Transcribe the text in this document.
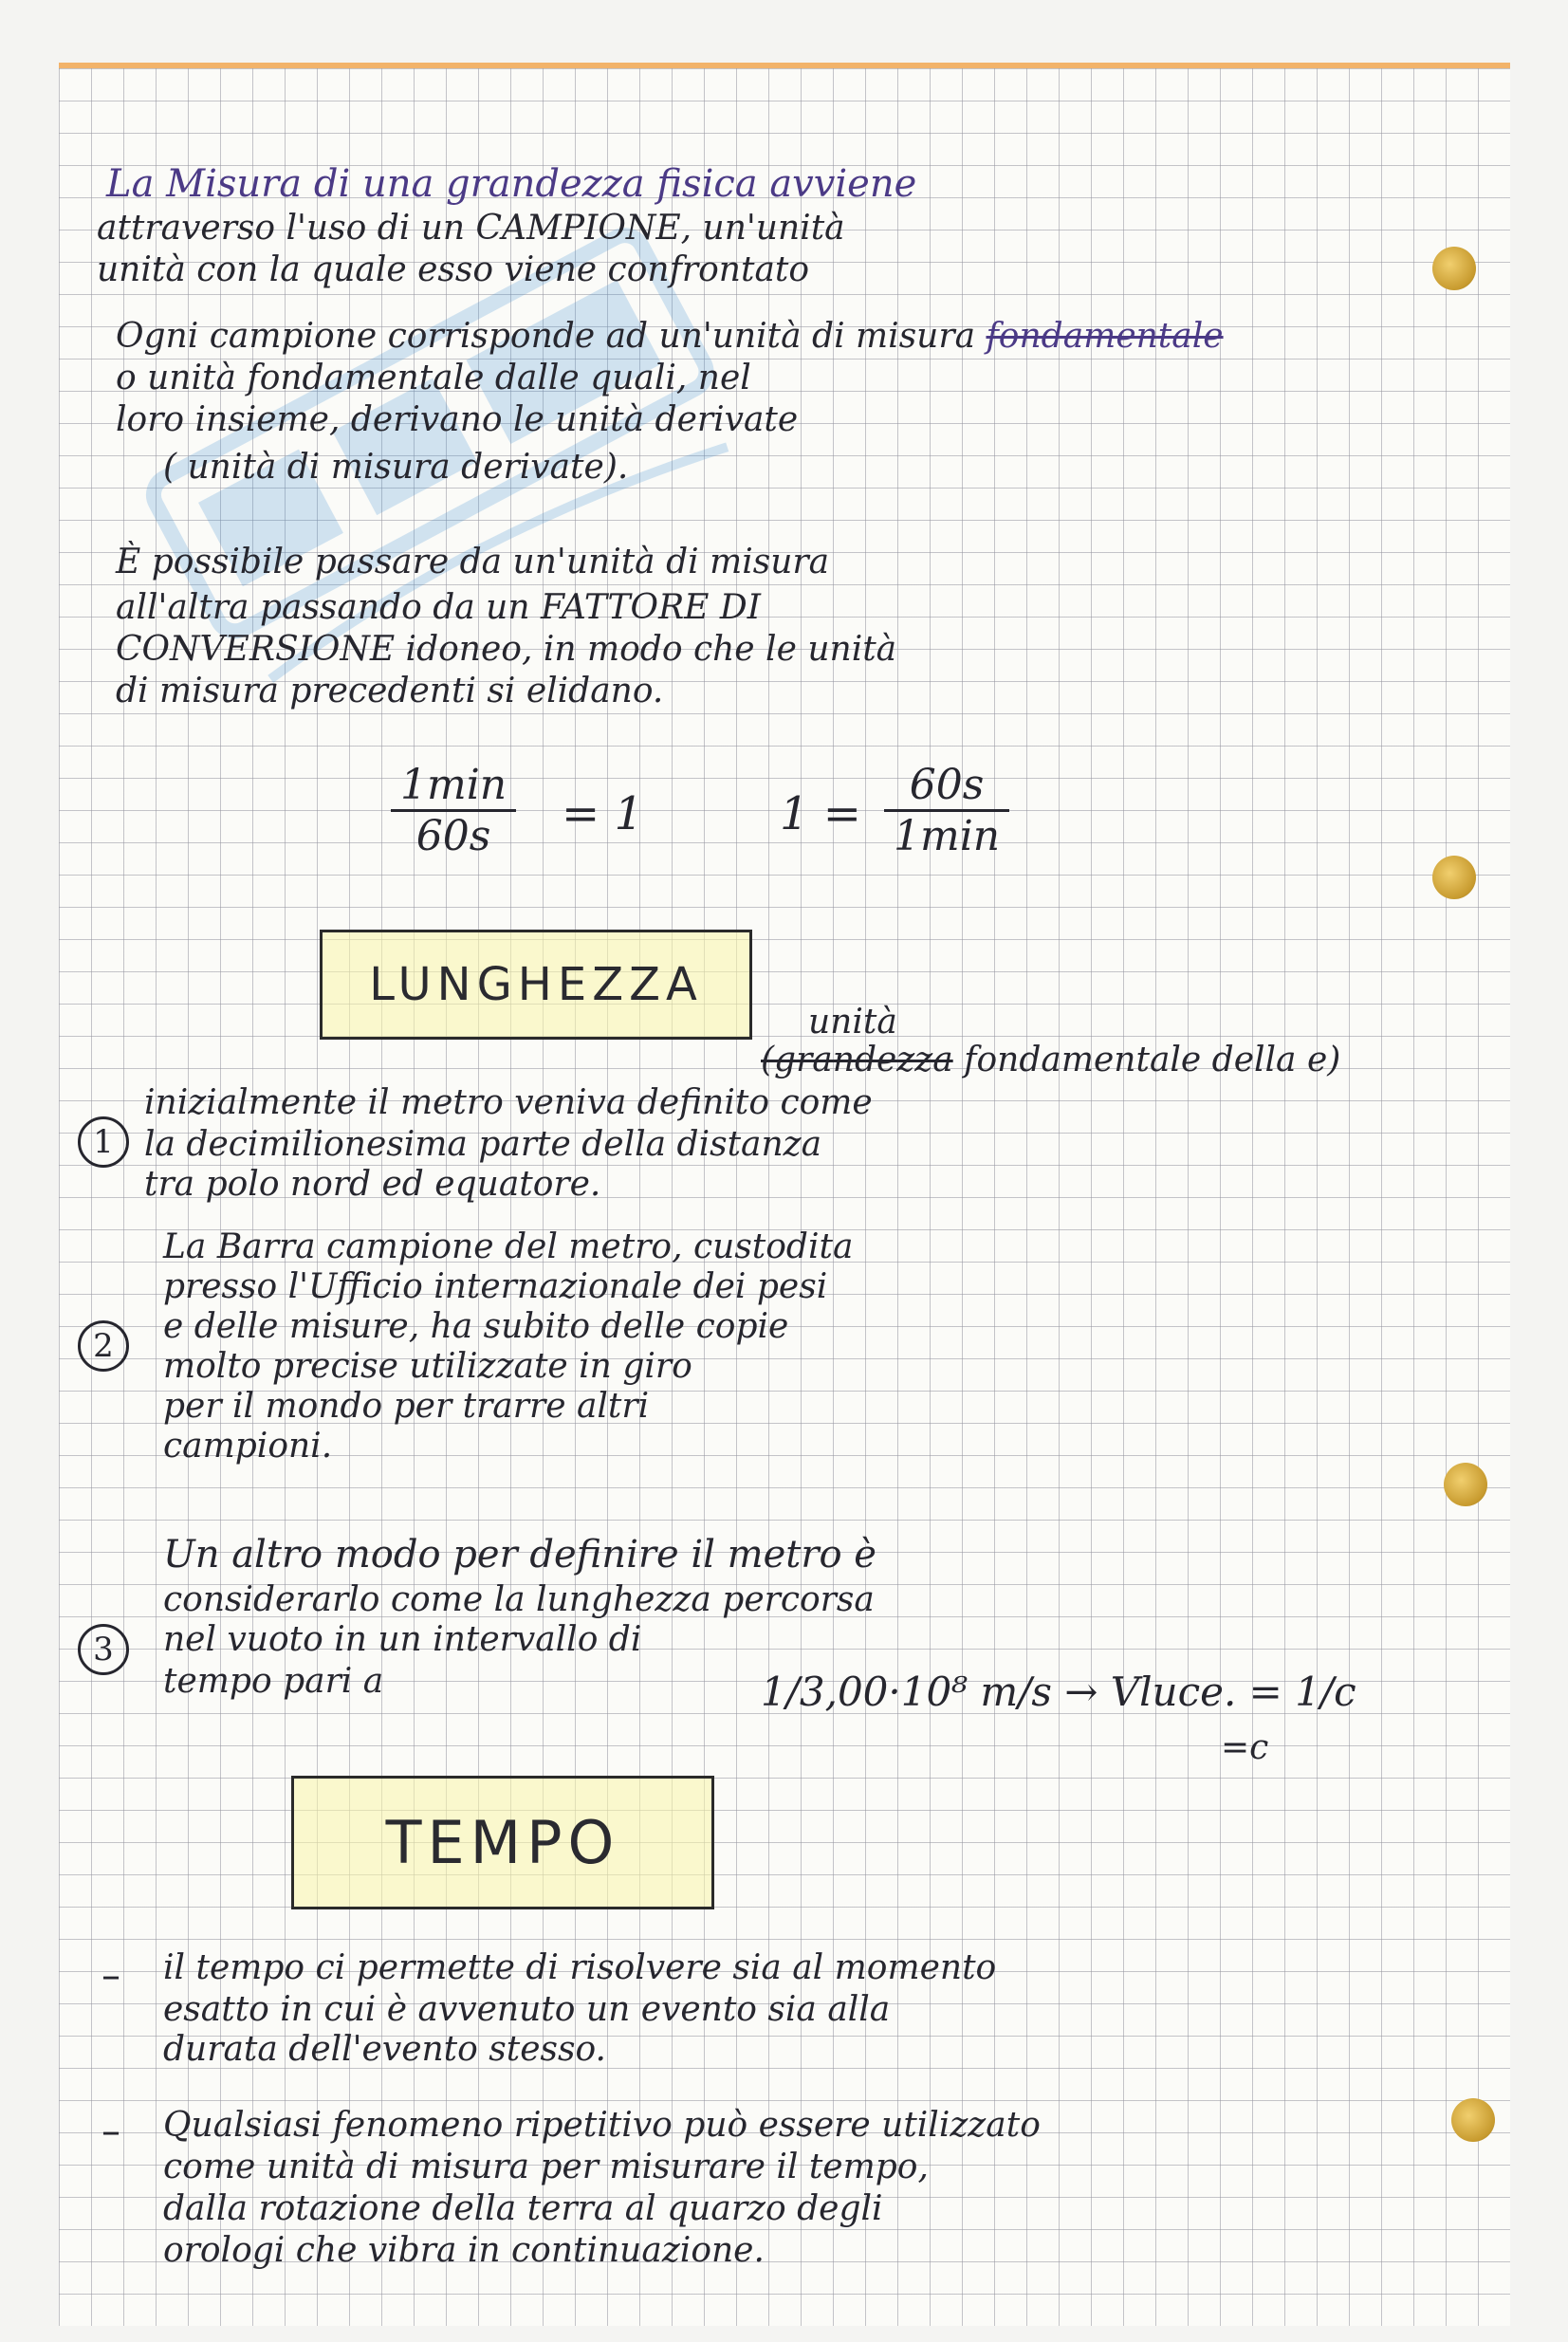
La Misura di una grandezza fisica avviene

attraverso l'uso di un CAMPIONE, un'unità

unità con la quale esso viene confrontato

Ogni campione corrisponde ad un'unità di misura fondamentale

o unità fondamentale dalle quali, nel

loro insieme, derivano le unità derivate

( unità di misura derivate).

È possibile passare da un'unità di misura

all'altra passando da un FATTORE DI

CONVERSIONE idoneo, in modo che le unità

di misura precedenti si elidano.

1min
60s	= 1	1 =
60s
1min
LUNGHEZZA

unità

(grandezza fondamentale della e)

1

inizialmente il metro veniva definito come

la decimilionesima parte della distanza

tra polo nord ed equatore.

2

La Barra campione del metro, custodita

presso l'Ufficio internazionale dei pesi

e delle misure, ha subito delle copie

molto precise utilizzate in giro

per il mondo per trarre altri

campioni.

3

Un altro modo per definire il metro è

considerarlo come la lunghezza percorsa

nel vuoto in un intervallo di

tempo pari a	1/3,00·10⁸ m/s → Vluce. = 1/c

=c

TEMPO
– il tempo ci permette di risolvere sia al momento

esatto in cui è avvenuto un evento sia alla

durata dell'evento stesso.

– Qualsiasi fenomeno ripetitivo può essere utilizzato

come unità di misura per misurare il tempo,

dalla rotazione della terra al quarzo degli

orologi che vibra in continuazione.
